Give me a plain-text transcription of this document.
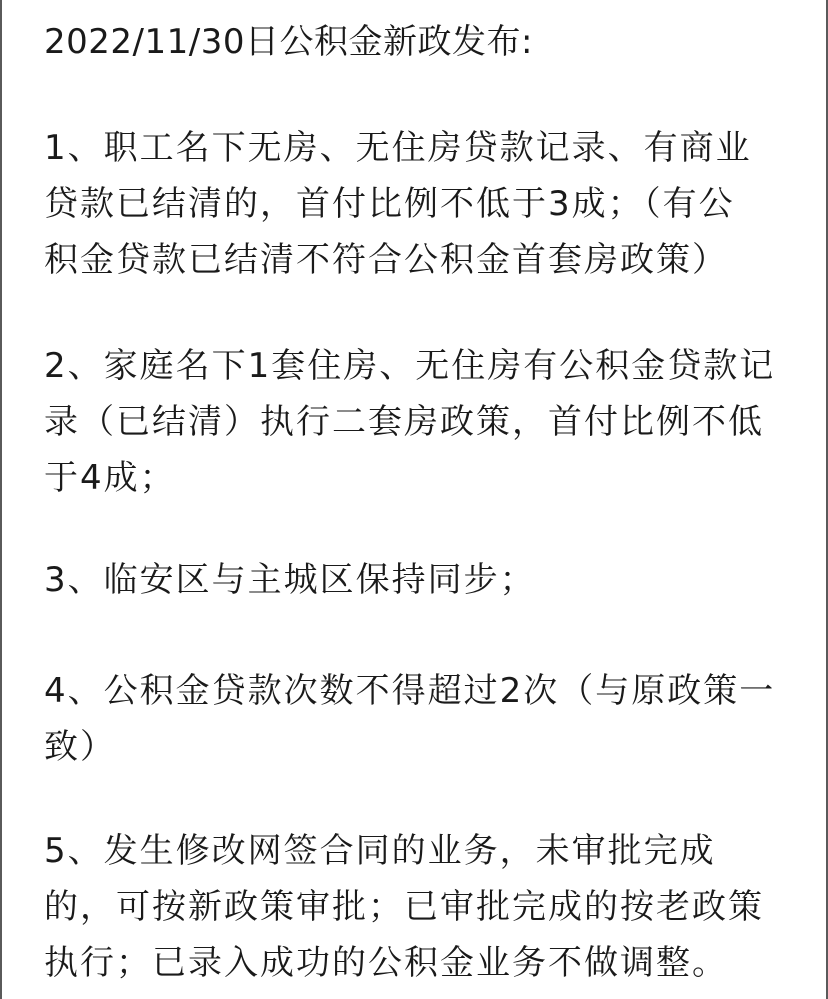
2022/11/30日公积金新政发布:
1、职工名下无房、无住房贷款记录、有商业
贷款已结清的，首付比例不低于3成；（有公
积金贷款已结清不符合公积金首套房政策）
2、家庭名下1套住房、无住房有公积金贷款记
录（已结清）执行二套房政策，首付比例不低
于4成；
3、临安区与主城区保持同步；
4、公积金贷款次数不得超过2次（与原政策一
致）
5、发生修改网签合同的业务，未审批完成
的，可按新政策审批；已审批完成的按老政策
执行；已录入成功的公积金业务不做调整。
